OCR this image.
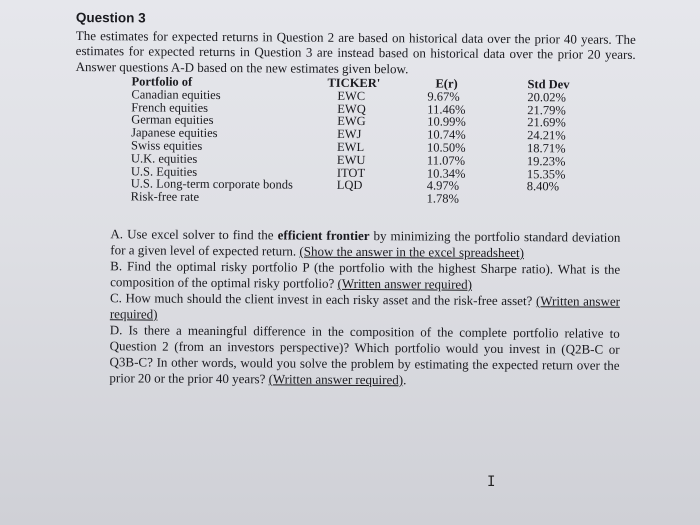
Question 3

The estimates for expected returns in Question 2 are based on historical data over the prior 40 years. The estimates for expected returns in Question 3 are instead based on historical data over the prior 20 years. Answer questions A-D based on the new estimates given below.

Portfolio of	TICKER'	E(r)	Std Dev
Canadian equities	EWC	9.67%	20.02%
French equities	EWQ	11.46%	21.79%
German equities	EWG	10.99%	21.69%
Japanese equities	EWJ	10.74%	24.21%
Swiss equities	EWL	10.50%	18.71%
U.K. equities	EWU	11.07%	19.23%
U.S. Equities	ITOT	10.34%	15.35%
U.S. Long-term corporate bonds	LQD	4.97%	8.40%
Risk-free rate		1.78%	

A. Use excel solver to find the efficient frontier by minimizing the portfolio standard deviation for a given level of expected return. (Show the answer in the excel spreadsheet)

B. Find the optimal risky portfolio P (the portfolio with the highest Sharpe ratio). What is the composition of the optimal risky portfolio? (Written answer required)

C. How much should the client invest in each risky asset and the risk-free asset? (Written answer required)

D. Is there a meaningful difference in the composition of the complete portfolio relative to Question 2 (from an investors perspective)? Which portfolio would you invest in (Q2B-C or Q3B-C? In other words, would you solve the problem by estimating the expected return over the prior 20 or the prior 40 years? (Written answer required).

I
